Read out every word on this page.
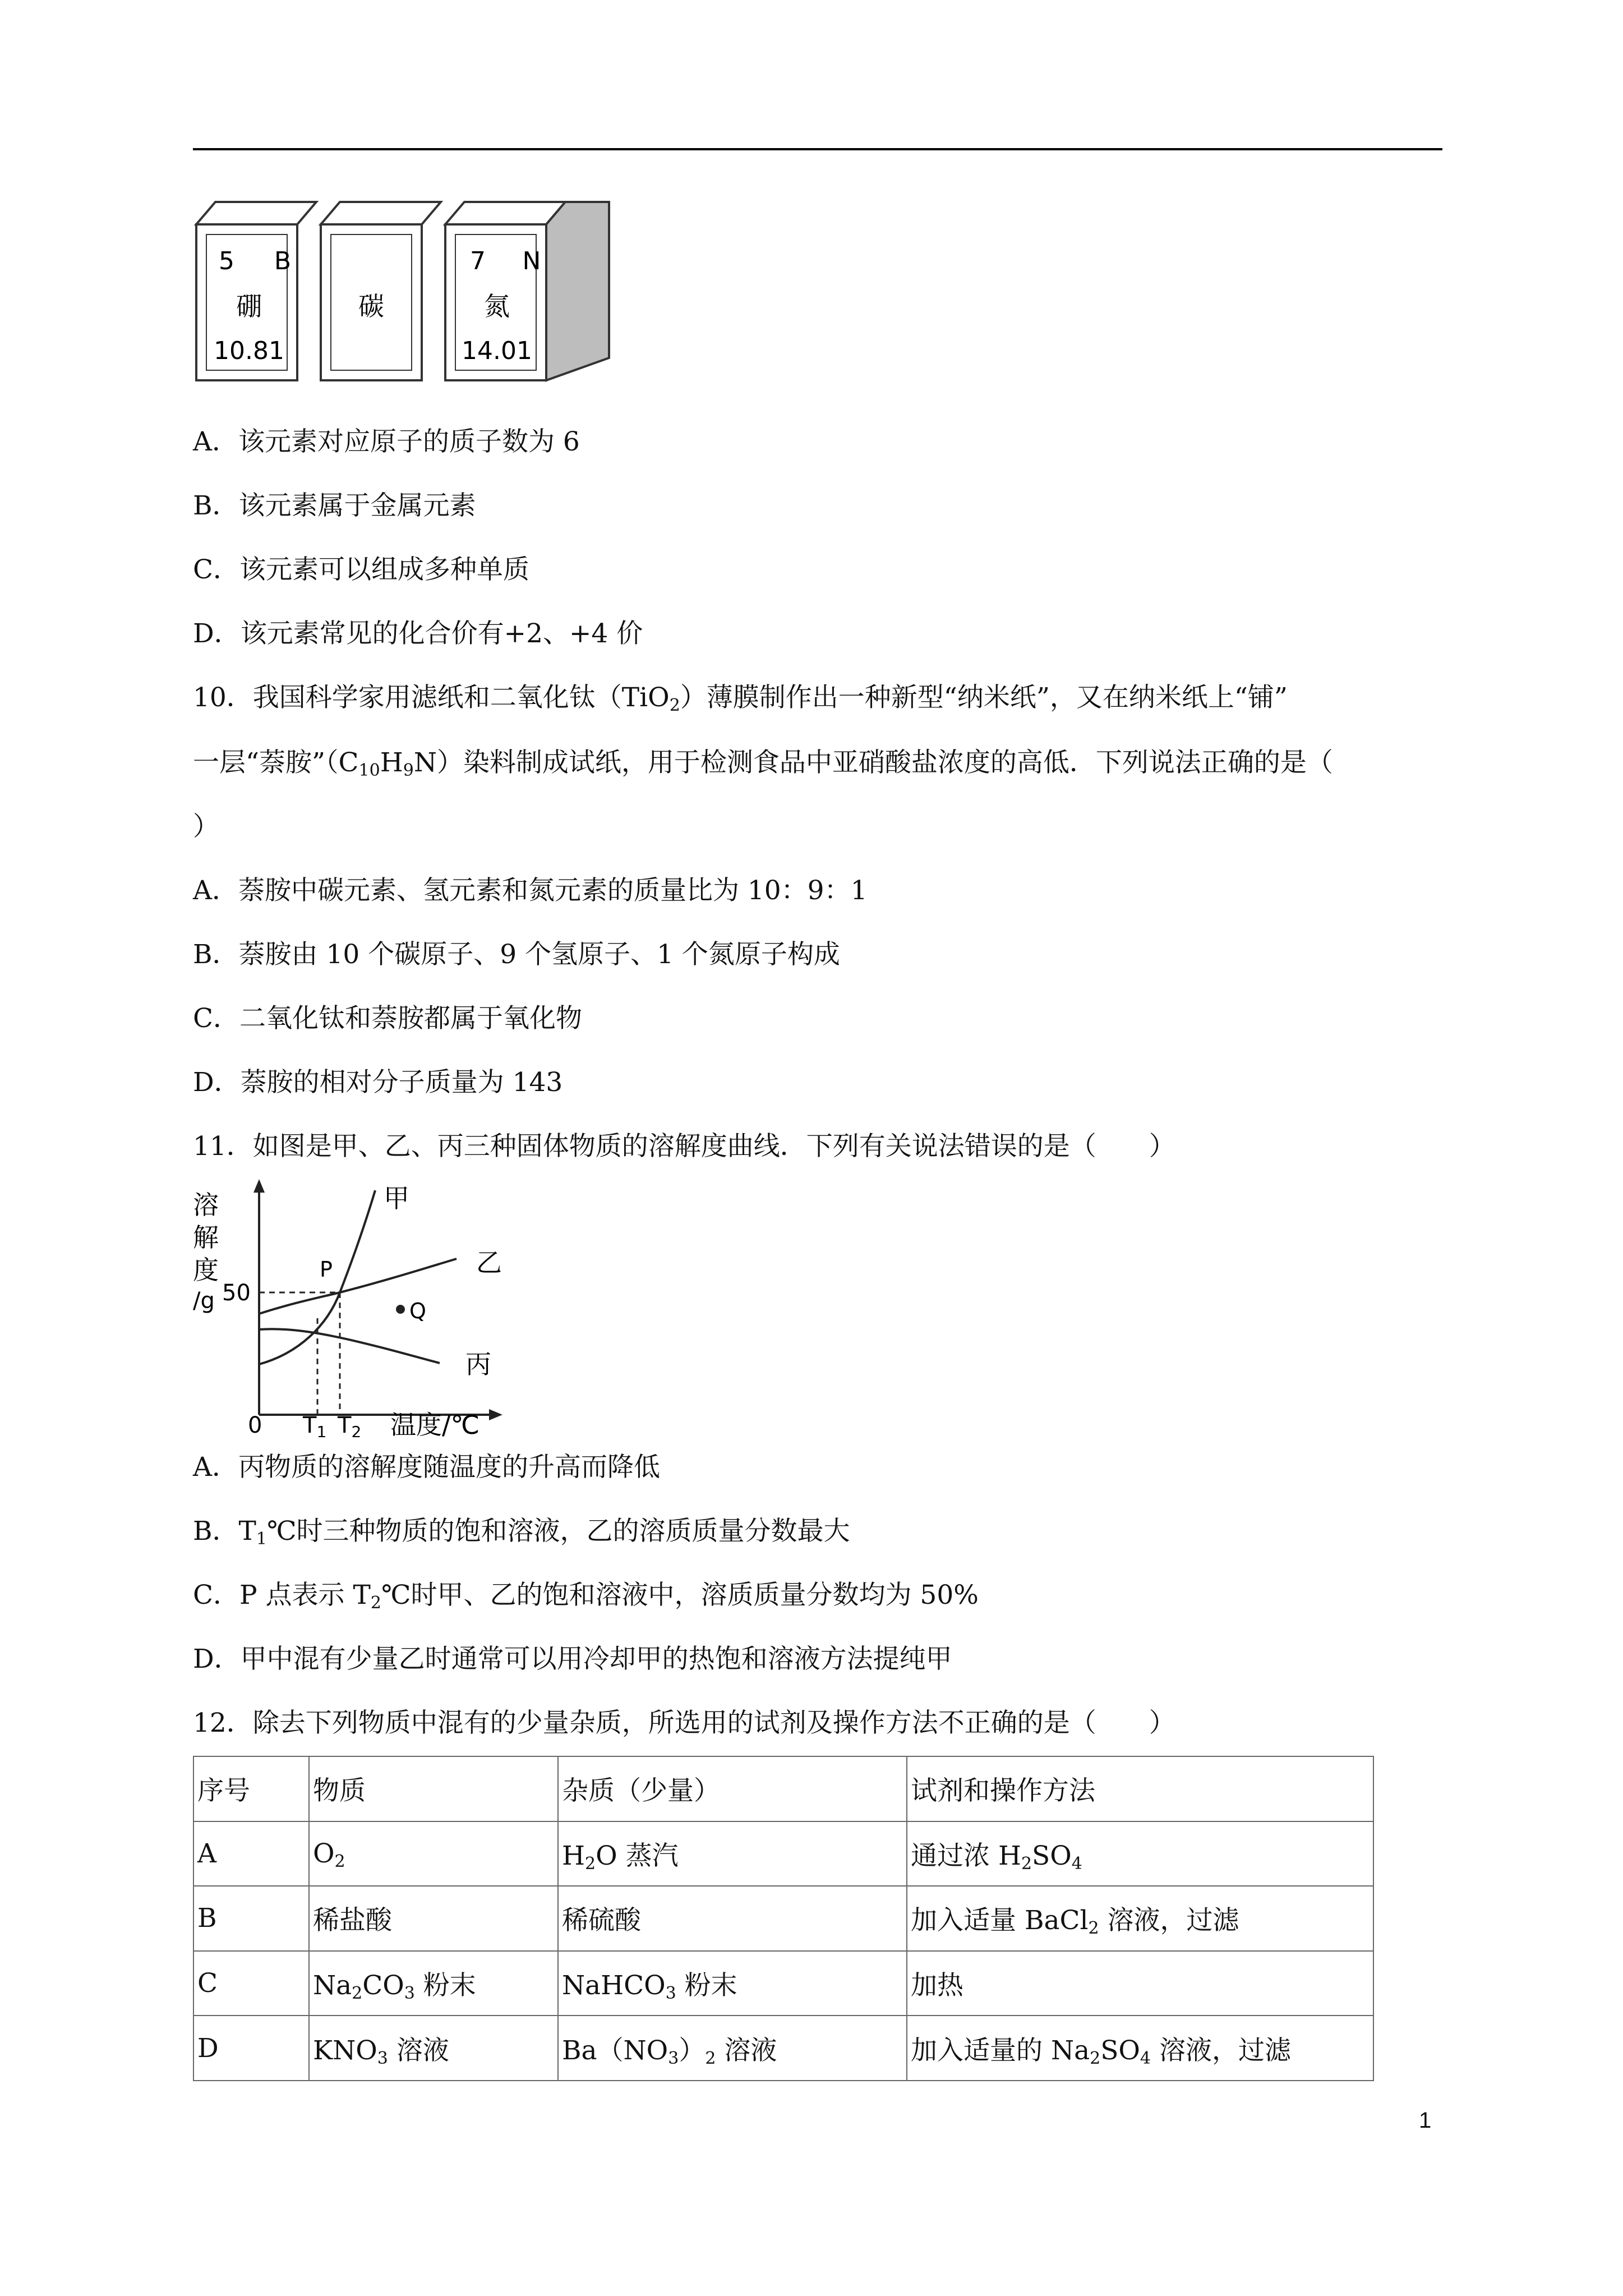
5 B
硼
10.81
碳
7 N
氮
14.01
A．该元素对应原子的质子数为 6
B．该元素属于金属元素
C．该元素可以组成多种单质
D．该元素常见的化合价有+2、+4 价
10．我国科学家用滤纸和二氧化钛（TiO$_2$）薄膜制作出一种新型“纳米纸”，又在纳米纸上“铺”
一层“萘胺$”(C_{10}H_9N)$染料制成试纸，用于检测食品中亚硝酸盐浓度的高低．下列说法正确的是（
）
A．萘胺中碳元素、氢元素和氮元素的质量比为 10：9：1
B．萘胺由 10 个碳原子、9 个氢原子、1 个氮原子构成
C．二氧化钛和萘胺都属于氧化物
D．萘胺的相对分子质量为 143
11．如图是甲、乙、丙三种固体物质的溶解度曲线．下列有关说法错误的是（　　）
溶
解
度
/g 50
0 $T_1$ $T_2$ 温度/℃
甲
乙
丙
P
Q
A．丙物质的溶解度随温度的升高而降低
B．$T_1℃$时三种物质的饱和溶液，乙的溶质质量分数最大
C．P 点表示 $T_2℃$时甲、乙的饱和溶液中，溶质质量分数均为 50%
D．甲中混有少量乙时通常可以用冷却甲的热饱和溶液方法提纯甲
12．除去下列物质中混有的少量杂质，所选用的试剂及操作方法不正确的是（　　）
序号	物质	杂质（少量）	试剂和操作方法
A	$O_2$	$H_2O$ 蒸汽	通过浓 $H_2SO_4$
B	稀盐酸	稀硫酸	加入适量 BaCl$_2$ 溶液，过滤
C	$Na_2CO_3$ 粉末	NaHCO$_3$ 粉末	加热
D	$KNO_3$ 溶液	$Ba(NO_3)_2$ 溶液	加入适量的 $Na_2SO_4$ 溶液，过滤
1
